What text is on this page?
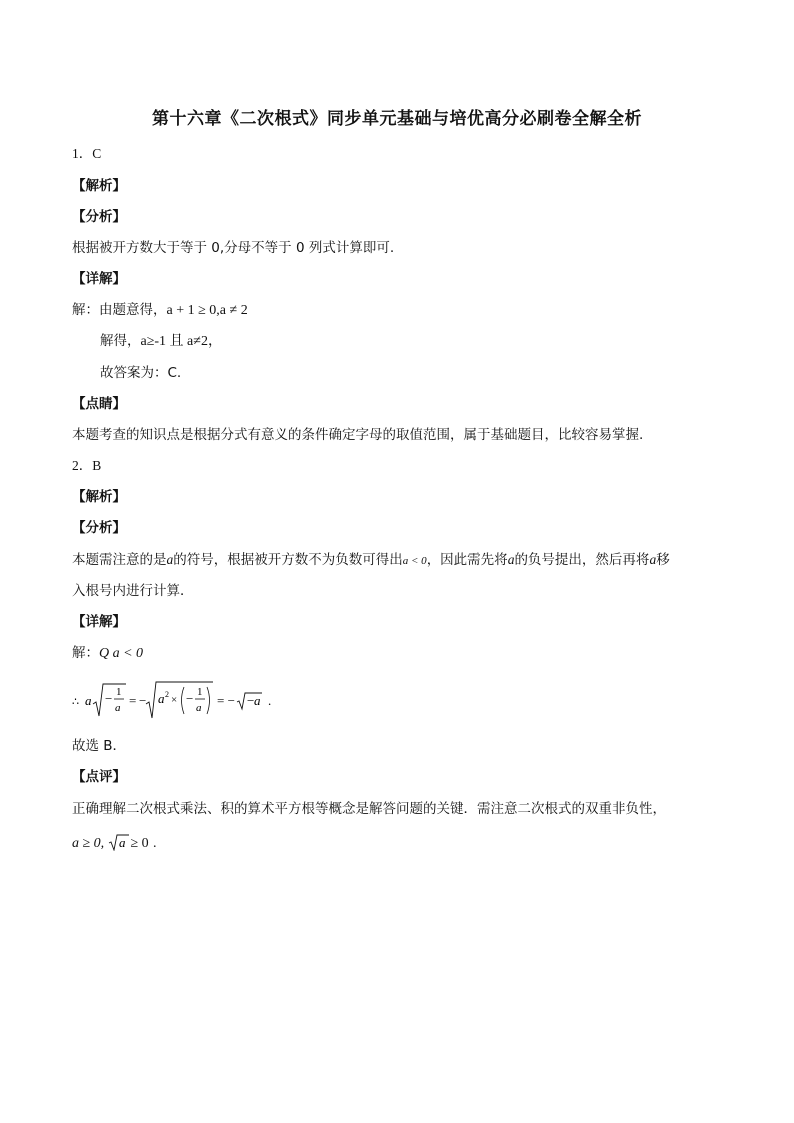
第十六章《二次根式》同步单元基础与培优高分必刷卷全解全析
1．C
【解析】
【分析】
根据被开方数大于等于 0,分母不等于 0 列式计算即可.
【详解】
解：由题意得，a + 1 ≥ 0,a ≠ 2
解得，a≥-1 且 a≠2，
故答案为：C.
【点睛】
本题考查的知识点是根据分式有意义的条件确定字母的取值范围，属于基础题目，比较容易掌握.
2．B
【解析】
【分析】
本题需注意的是a的符号，根据被开方数不为负数可得出a < 0，因此需先将a的负号提出，然后再将a移
入根号内进行计算．
【详解】
解：Q a < 0
∴ a − 1
a = − a 2 × − 1
a = − − a .
故选 B．
【点评】
正确理解二次根式乘法、积的算术平方根等概念是解答问题的关键．需注意二次根式的双重非负性，
a ≥ 0, a ≥ 0 .
